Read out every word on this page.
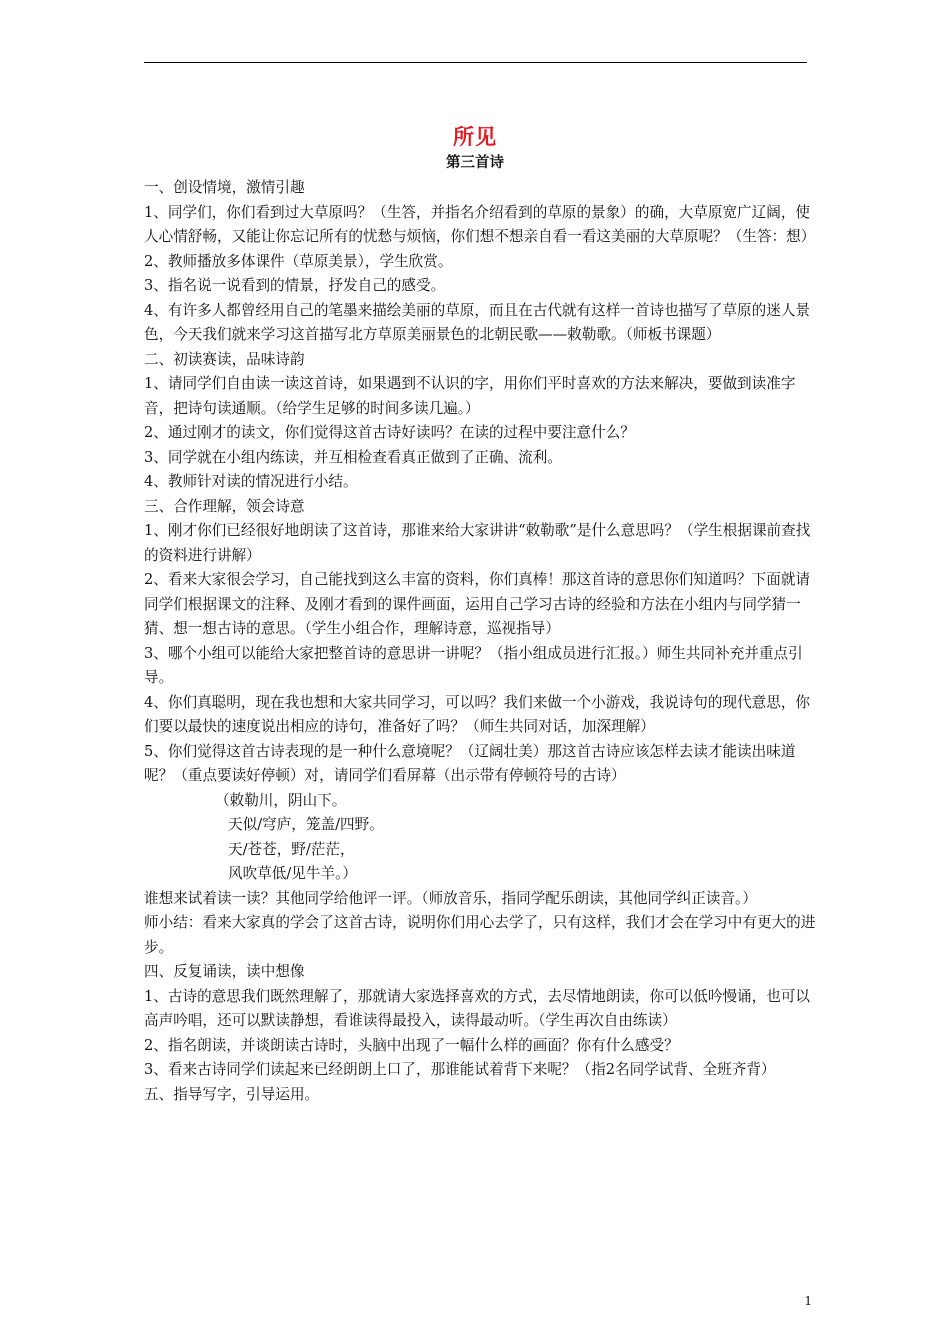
所见
第三首诗

一、创设情境，激情引趣

1、同学们，你们看到过大草原吗？（生答，并指名介绍看到的草原的景象）的确，大草原宽广辽阔，使人心情舒畅，又能让你忘记所有的忧愁与烦恼，你们想不想亲自看一看这美丽的大草原呢？（生答：想）

2、教师播放多体课件（草原美景），学生欣赏。

3、指名说一说看到的情景，抒发自己的感受。

4、有许多人都曾经用自己的笔墨来描绘美丽的草原，而且在古代就有这样一首诗也描写了草原的迷人景色，今天我们就来学习这首描写北方草原美丽景色的北朝民歌——敕勒歌。（师板书课题）

二、初读赛读，品味诗韵

1、请同学们自由读一读这首诗，如果遇到不认识的字，用你们平时喜欢的方法来解决，要做到读准字音，把诗句读通顺。（给学生足够的时间多读几遍。）

2、通过刚才的读文，你们觉得这首古诗好读吗？在读的过程中要注意什么？

3、同学就在小组内练读，并互相检查看真正做到了正确、流利。

4、教师针对读的情况进行小结。

三、合作理解，领会诗意

1、刚才你们已经很好地朗读了这首诗，那谁来给大家讲讲“敕勒歌”是什么意思吗？（学生根据课前查找的资料进行讲解）

2、看来大家很会学习，自己能找到这么丰富的资料，你们真棒！那这首诗的意思你们知道吗？下面就请同学们根据课文的注释、及刚才看到的课件画面，运用自己学习古诗的经验和方法在小组内与同学猜一猜、想一想古诗的意思。（学生小组合作，理解诗意，巡视指导）

3、哪个小组可以能给大家把整首诗的意思讲一讲呢？（指小组成员进行汇报。）师生共同补充并重点引导。

4、你们真聪明，现在我也想和大家共同学习，可以吗？我们来做一个小游戏，我说诗句的现代意思，你们要以最快的速度说出相应的诗句，准备好了吗？（师生共同对话，加深理解）

5、你们觉得这首古诗表现的是一种什么意境呢？（辽阔壮美）那这首古诗应该怎样去读才能读出味道呢？（重点要读好停顿）对，请同学们看屏幕（出示带有停顿符号的古诗）

（敕勒川，阴山下。

天似/穹庐，笼盖/四野。

天/苍苍，野/茫茫，

风吹草低/见牛羊。）

谁想来试着读一读？其他同学给他评一评。（师放音乐，指同学配乐朗读，其他同学纠正读音。）

师小结：看来大家真的学会了这首古诗，说明你们用心去学了，只有这样，我们才会在学习中有更大的进步。

四、反复诵读，读中想像

1、古诗的意思我们既然理解了，那就请大家选择喜欢的方式，去尽情地朗读，你可以低吟慢诵，也可以高声吟唱，还可以默读静想，看谁读得最投入，读得最动听。（学生再次自由练读）

2、指名朗读，并谈朗读古诗时，头脑中出现了一幅什么样的画面？你有什么感受？

3、看来古诗同学们读起来已经朗朗上口了，那谁能试着背下来呢？（指2名同学试背、全班齐背）

五、指导写字，引导运用。

1
